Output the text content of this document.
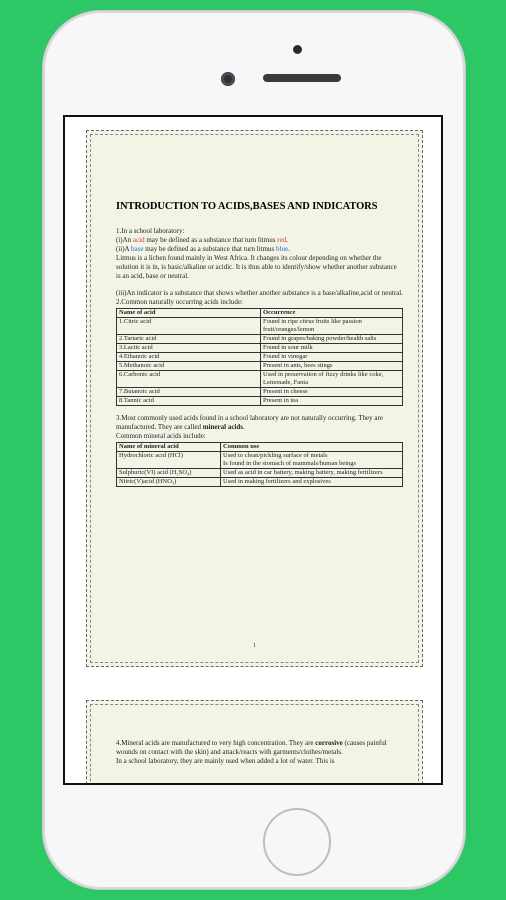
INTRODUCTION TO ACIDS,BASES AND INDICATORS

1.In a school laboratory:

(i)An acid may be defined as a substance that turn litmus red.

(ii)A base may be defined as a substance that turn litmus blue.

Litmus is a lichen found mainly in West Africa. It changes its colour depending on whether the solution it is in, is basic/alkaline or acidic. It is thus able to identify/show whether another substance is an acid, base or neutral.

(iii)An indicator is a substance that shows whether another substance is a base/alkaline,acid or neutral.

2.Common naturally occurring acids include:

Name of acid	Occurrence
1.Citric acid	Found in ripe citrus fruits like passion fruit/oranges/lemon
2.Tartaric acid	Found in grapes/baking powder/health salts
3.Lactic acid	Found in sour milk
4.Ethanoic acid	Found in vinegar
5.Methanoic acid	Present in ants, bees stings
6.Carbonic acid	Used in preservation of fizzy drinks like coke, Lemonade, Fanta
7.Butanoic acid	Present in cheese
8.Tannic acid	Present in tea

3.Most commonly used acids found in a school laboratory are not naturally occurring. They are manufactured. They are called mineral acids.

Common mineral acids include:

Name of mineral acid	Common use
Hydrochloric acid (HCl)	Used to clean/pickling surface of metals
Is found in the stomach of mammals/human beings
Sulphuric(VI) acid (H₂SO₄)	Used as acid in car battery, making battery, making fertilizers
Nitric(V)acid (HNO₃)	Used in making fertilizers and explosives
1

4.Mineral acids are manufactured to very high concentration. They are corrosive (causes painful wounds on contact with the skin) and attack/reacts with garments/clothes/metals.

In a school laboratory, they are mainly used when added a lot of water. This is
